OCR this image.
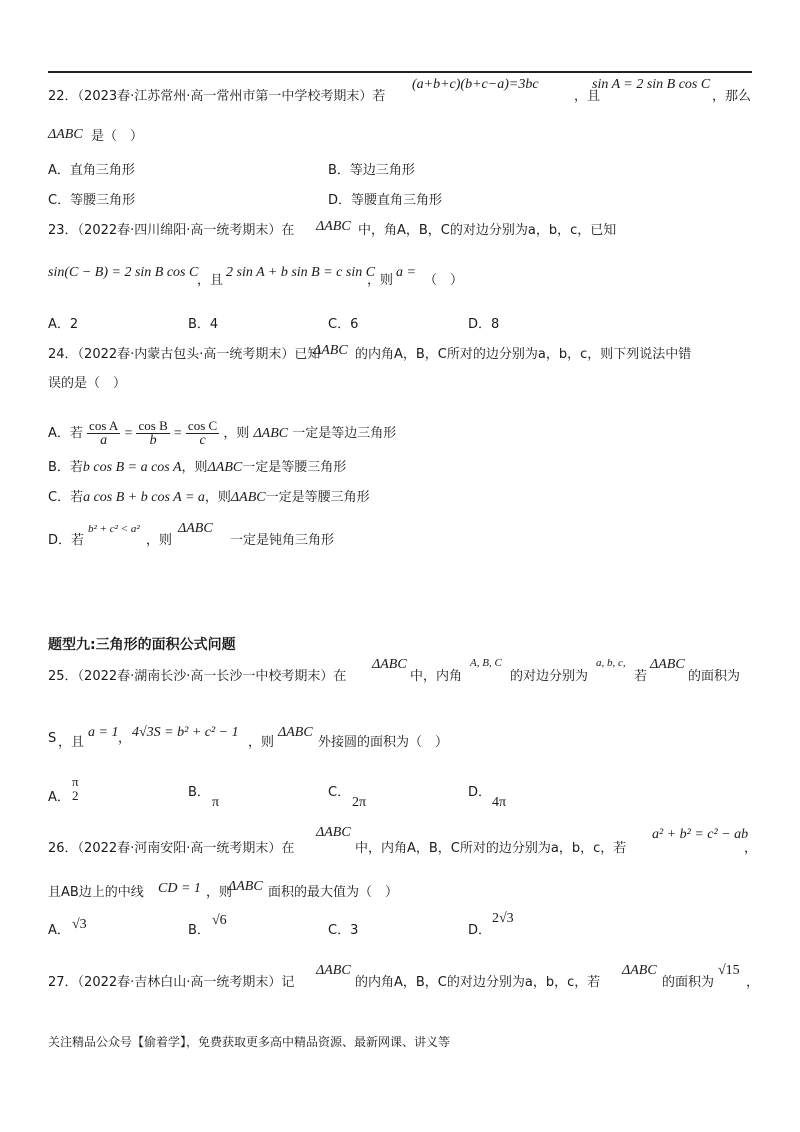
22．（2023春·江苏常州·高一常州市第一中学校考期末）若
(a+b+c)(b+c−a)=3bc
，且
sin A = 2 sin B cos C
，那么
ΔABC 是（　）
A．直角三角形	B．等边三角形
C．等腰三角形	D．等腰直角三角形
23．（2022春·四川绵阳·高一统考期末）在 ΔABC 中，角A，B，C的对边分别为a，b，c，已知
sin(C − B) = 2 sin B cos C
，且
2 sin A + b sin B = c sin C
，则
a =
（　）
A．2	B．4	C．6	D．8
24．（2022春·内蒙古包头·高一统考期末）已知
ΔABC 的内角A，B，C所对的边分别为a，b，c，则下列说法中错
误的是（　）
A．若 $\frac{\text{cos A}}{a} = \frac{\text{cos B}}{b} = \frac{\text{cos C}}{c}$ ，则 ΔABC 一定是等边三角形
B．若b cos B = a cos A，则ΔABC一定是等腰三角形
C．若a cos B + b cos A = a，则ΔABC一定是等腰三角形
D．若
b² + c² < a²
，则
ΔABC
一定是钝角三角形
题型九:三角形的面积公式问题
25．（2022春·湖南长沙·高一长沙一中校考期末）在
ΔABC
中，内角
A, B, C
的对边分别为
a, b, c,
若
ΔABC
的面积为
S ，且
a = 1 ， 4√3S = b² + c² − 1
，则
ΔABC
外接圆的面积为（　）
A．
π
2	B．
π
C．
2π
D．
4π
26．（2022春·河南安阳·高一统考期末）在
ΔABC
中，内角A，B，C所对的边分别为a，b，c，若
a² + b² = c² − ab
，
且AB边上的中线 CD = 1 ，则
ΔABC 面积的最大值为（　）
A． √3	B．
√6
C．3	D．
2√3
27．（2022春·吉林白山·高一统考期末）记
ΔABC
的内角A，B，C的对边分别为a，b，c，若
ΔABC
的面积为
√15
，
关注精品公众号【偷着学】，免费获取更多高中精品资源、最新网课、讲义等
